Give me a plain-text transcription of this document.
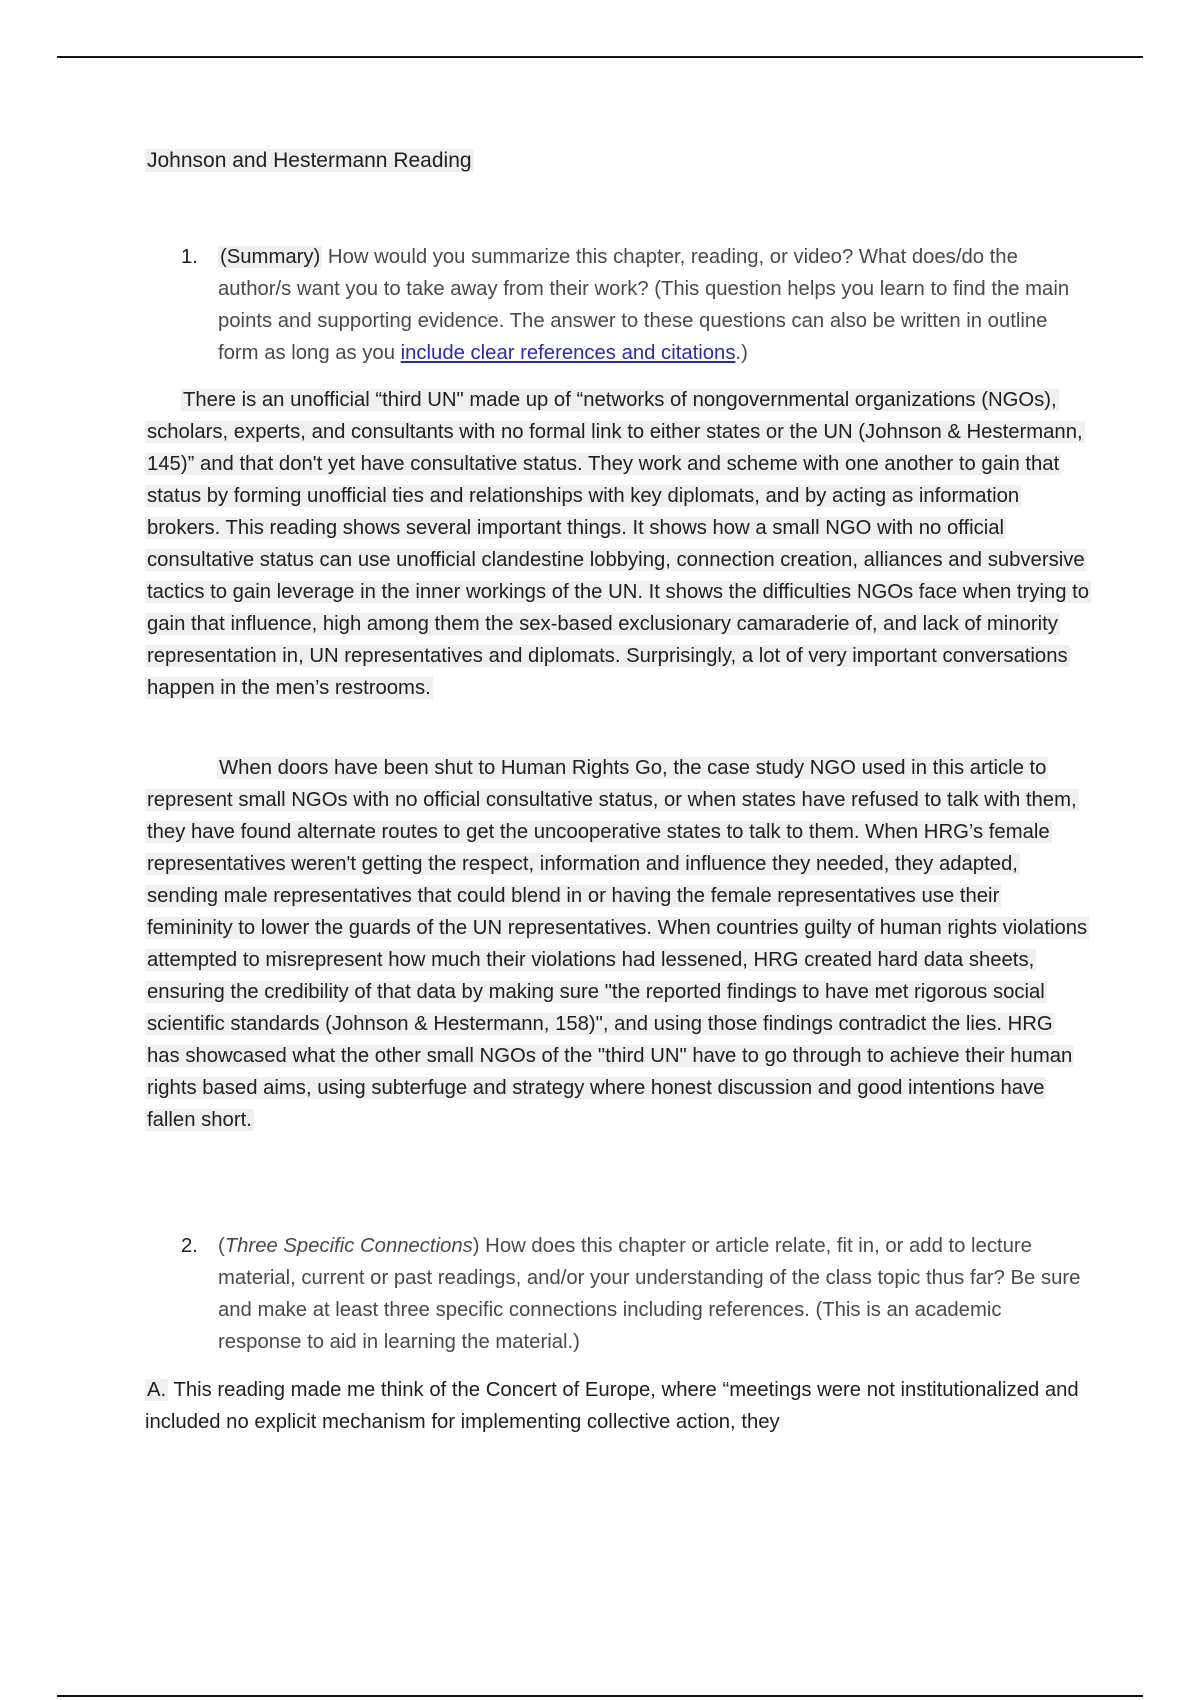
Johnson and Hestermann Reading

1. (Summary) How would you summarize this chapter, reading, or video? What does/do the author/s want you to take away from their work? (This question helps you learn to find the main points and supporting evidence. The answer to these questions can also be written in outline form as long as you include clear references and citations.)

There is an unofficial “third UN" made up of “networks of nongovernmental organizations (NGOs), scholars, experts, and consultants with no formal link to either states or the UN (Johnson & Hestermann, 145)” and that don't yet have consultative status. They work and scheme with one another to gain that status by forming unofficial ties and relationships with key diplomats, and by acting as information brokers. This reading shows several important things. It shows how a small NGO with no official consultative status can use unofficial clandestine lobbying, connection creation, alliances and subversive tactics to gain leverage in the inner workings of the UN. It shows the difficulties NGOs face when trying to gain that influence, high among them the sex-based exclusionary camaraderie of, and lack of minority representation in, UN representatives and diplomats. Surprisingly, a lot of very important conversations happen in the men’s restrooms.

When doors have been shut to Human Rights Go, the case study NGO used in this article to represent small NGOs with no official consultative status, or when states have refused to talk with them, they have found alternate routes to get the uncooperative states to talk to them. When HRG’s female representatives weren't getting the respect, information and influence they needed, they adapted, sending male representatives that could blend in or having the female representatives use their femininity to lower the guards of the UN representatives. When countries guilty of human rights violations attempted to misrepresent how much their violations had lessened, HRG created hard data sheets, ensuring the credibility of that data by making sure "the reported findings to have met rigorous social scientific standards (Johnson & Hestermann, 158)", and using those findings contradict the lies. HRG has showcased what the other small NGOs of the "third UN" have to go through to achieve their human rights based aims, using subterfuge and strategy where honest discussion and good intentions have fallen short.

2. (Three Specific Connections) How does this chapter or article relate, fit in, or add to lecture material, current or past readings, and/or your understanding of the class topic thus far? Be sure and make at least three specific connections including references. (This is an academic response to aid in learning the material.)

A. This reading made me think of the Concert of Europe, where “meetings were not institutionalized and included no explicit mechanism for implementing collective action, they
